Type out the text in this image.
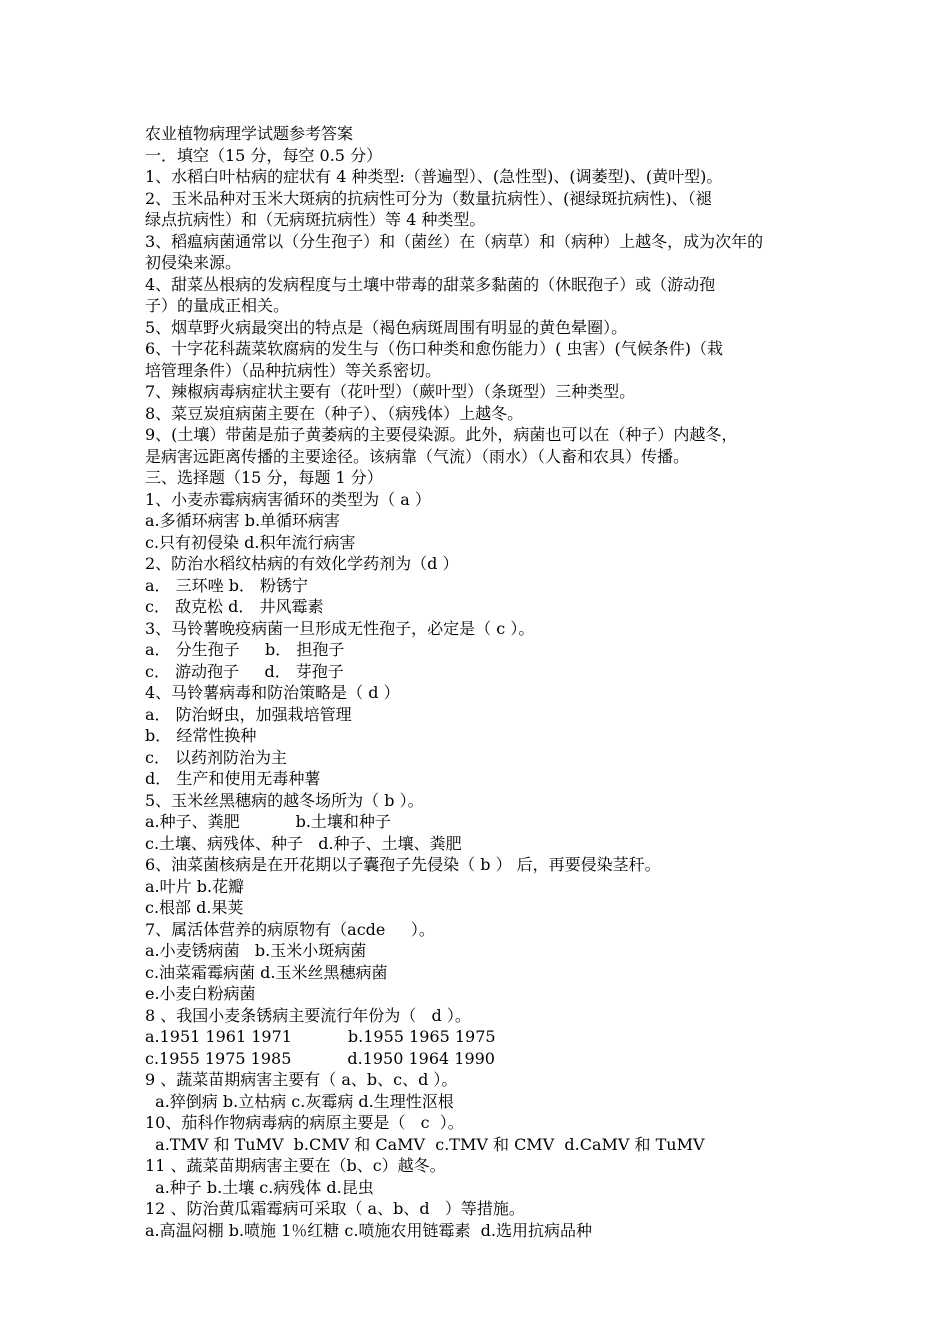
农业植物病理学试题参考答案
一．填空（15 分，每空 0.5 分）
1、水稻白叶枯病的症状有 4 种类型:（普遍型）、(急性型)、(调萎型)、(黄叶型)。
2、玉米品种对玉米大斑病的抗病性可分为（数量抗病性）、(褪绿斑抗病性)、（褪
绿点抗病性）和（无病斑抗病性）等 4 种类型。
3、稻瘟病菌通常以（分生孢子）和（菌丝）在（病草）和（病种）上越冬，成为次年的
初侵染来源。
4、甜菜丛根病的发病程度与土壤中带毒的甜菜多黏菌的（休眠孢子）或（游动孢
子）的量成正相关。
5、烟草野火病最突出的特点是（褐色病斑周围有明显的黄色晕圈）。
6、十字花科蔬菜软腐病的发生与（伤口种类和愈伤能力）( 虫害）(气候条件)（栽
培管理条件）（品种抗病性）等关系密切。
7、辣椒病毒病症状主要有（花叶型）（蕨叶型）（条斑型）三种类型。
8、菜豆炭疽病菌主要在（种子）、（病残体）上越冬。
9、(土壤）带菌是茄子黄萎病的主要侵染源。此外，病菌也可以在（种子）内越冬，
是病害远距离传播的主要途径。该病靠（气流）（雨水）（人畜和农具）传播。
三、选择题（15 分，每题 1 分）
1、小麦赤霉病病害循环的类型为（ a ）
a.多循环病害 b.单循环病害
c.只有初侵染 d.积年流行病害
2、防治水稻纹枯病的有效化学药剂为（d ）
a． 三环唑 b． 粉锈宁
c． 敌克松 d． 井风霉素
3、马铃薯晚疫病菌一旦形成无性孢子，必定是（ c ）。
a． 分生孢子     b． 担孢子
c． 游动孢子     d． 芽孢子
4、马铃薯病毒和防治策略是（ d ）
a． 防治蚜虫，加强栽培管理
b． 经常性换种
c． 以药剂防治为主
d． 生产和使用无毒种薯
5、玉米丝黑穗病的越冬场所为（ b ）。
a.种子、粪肥           b.土壤和种子
c.土壤、病残体、种子   d.种子、土壤、粪肥
6、油菜菌核病是在开花期以子囊孢子先侵染（ b ） 后，再要侵染茎秆。
a.叶片 b.花瓣
c.根部 d.果荚
7、属活体营养的病原物有（acde     ）。
a.小麦锈病菌   b.玉米小斑病菌
c.油菜霜霉病菌 d.玉米丝黑穗病菌
e.小麦白粉病菌
8 、我国小麦条锈病主要流行年份为（   d ）。
a.1951 1961 1971           b.1955 1965 1975
c.1955 1975 1985           d.1950 1964 1990
9 、蔬菜苗期病害主要有（ a、b、c、d ）。
a.猝倒病 b.立枯病 c.灰霉病 d.生理性沤根
10、茄科作物病毒病的病原主要是（   c  ）。
a.TMV 和 TuMV  b.CMV 和 CaMV  c.TMV 和 CMV  d.CaMV 和 TuMV
11 、蔬菜苗期病害主要在（b、c）越冬。
a.种子 b.土壤 c.病残体 d.昆虫
12 、防治黄瓜霜霉病可采取（ a、b、d   ）等措施。
a.高温闷棚 b.喷施 1％红糖 c.喷施农用链霉素  d.选用抗病品种
